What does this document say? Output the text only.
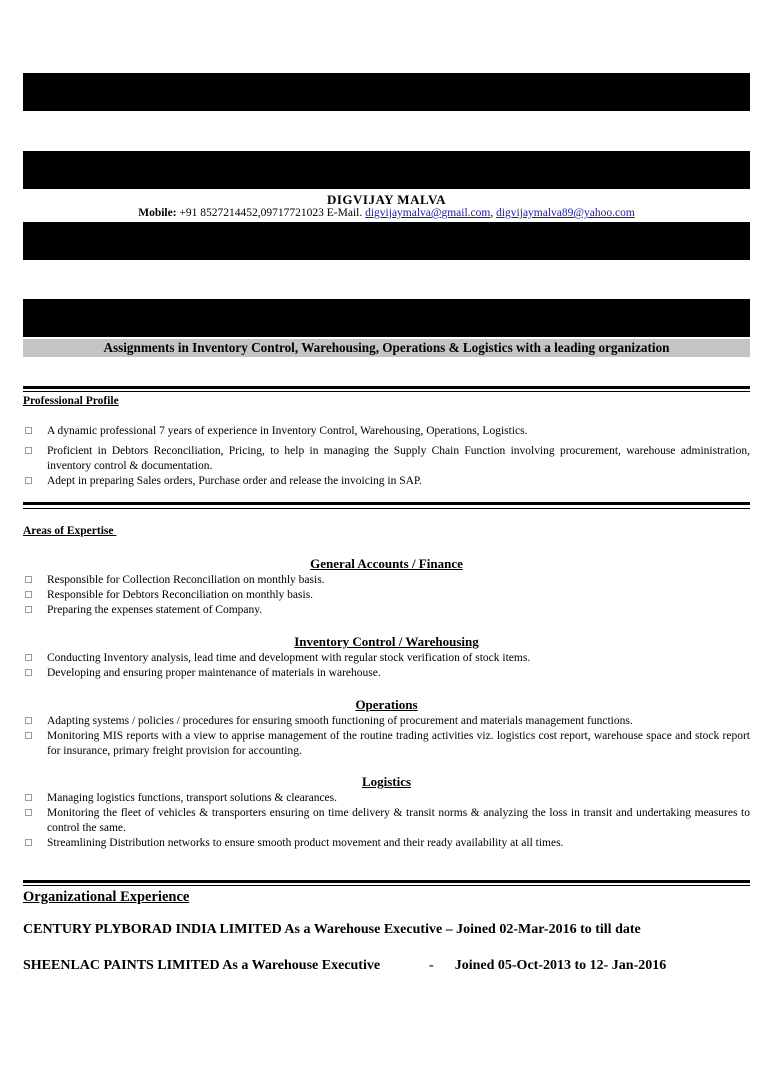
DIGVIJAY MALVA
Mobile: +91 8527214452,09717721023 E-Mail. digvijaymalva@gmail.com, digvijaymalva89@yahoo.com
Assignments in Inventory Control, Warehousing, Operations & Logistics with a leading organization
Professional Profile
A dynamic professional 7 years of experience in Inventory Control, Warehousing, Operations, Logistics.
Proficient in Debtors Reconciliation, Pricing, to help in managing the Supply Chain Function involving procurement, warehouse administration, inventory control & documentation.
Adept in preparing Sales orders, Purchase order and release the invoicing in SAP.
Areas of Expertise
General Accounts / Finance
Responsible for Collection Reconciliation on monthly basis.
Responsible for Debtors Reconciliation on monthly basis.
Preparing the expenses statement of Company.
Inventory Control / Warehousing
Conducting Inventory analysis, lead time and development with regular stock verification of stock items.
Developing and ensuring proper maintenance of materials in warehouse.
Operations
Adapting systems / policies / procedures for ensuring smooth functioning of procurement and materials management functions.
Monitoring MIS reports with a view to apprise management of the routine trading activities viz. logistics cost report, warehouse space and stock report for insurance, primary freight provision for accounting.
Logistics
Managing logistics functions, transport solutions & clearances.
Monitoring the fleet of vehicles & transporters ensuring on time delivery & transit norms & analyzing the loss in transit and undertaking measures to control the same.
Streamlining Distribution networks to ensure smooth product movement and their ready availability at all times.
Organizational Experience
CENTURY PLYBORAD INDIA LIMITED As a Warehouse Executive – Joined 02-Mar-2016 to till date
SHEENLAC PAINTS LIMITED As a Warehouse Executive              -      Joined 05-Oct-2013 to 12- Jan-2016
